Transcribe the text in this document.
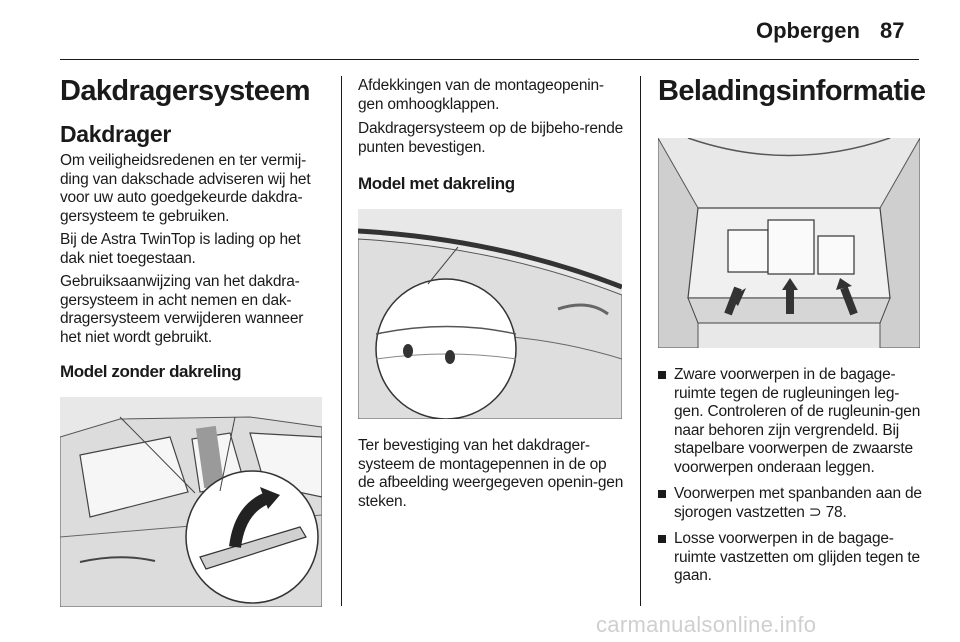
Opbergen 87
Dakdragersysteem
Dakdrager

Om veiligheidsredenen en ter vermij-ding van dakschade adviseren wij het voor uw auto goedgekeurde dakdra-gersysteem te gebruiken.

Bij de Astra TwinTop is lading op het dak niet toegestaan.

Gebruiksaanwijzing van het dakdra-gersysteem in acht nemen en dak-dragersysteem verwijderen wanneer het niet wordt gebruikt.

Model zonder dakreling

Afdekkingen van de montageopenin-gen omhoogklappen.

Dakdragersysteem op de bijbeho-rende punten bevestigen.

Model met dakreling

Ter bevestiging van het dakdrager-systeem de montagepennen in de op de afbeelding weergegeven openin-gen steken.

Beladingsinformatie
Zware voorwerpen in de bagage-ruimte tegen de rugleuningen leg-gen. Controleren of de rugleunin-gen naar behoren zijn vergrendeld. Bij stapelbare voorwerpen de zwaarste voorwerpen onderaan leggen.
Voorwerpen met spanbanden aan de sjorogen vastzetten ⊃ 78.
Losse voorwerpen in de bagage-ruimte vastzetten om glijden tegen te gaan.
carmanualsonline.info
